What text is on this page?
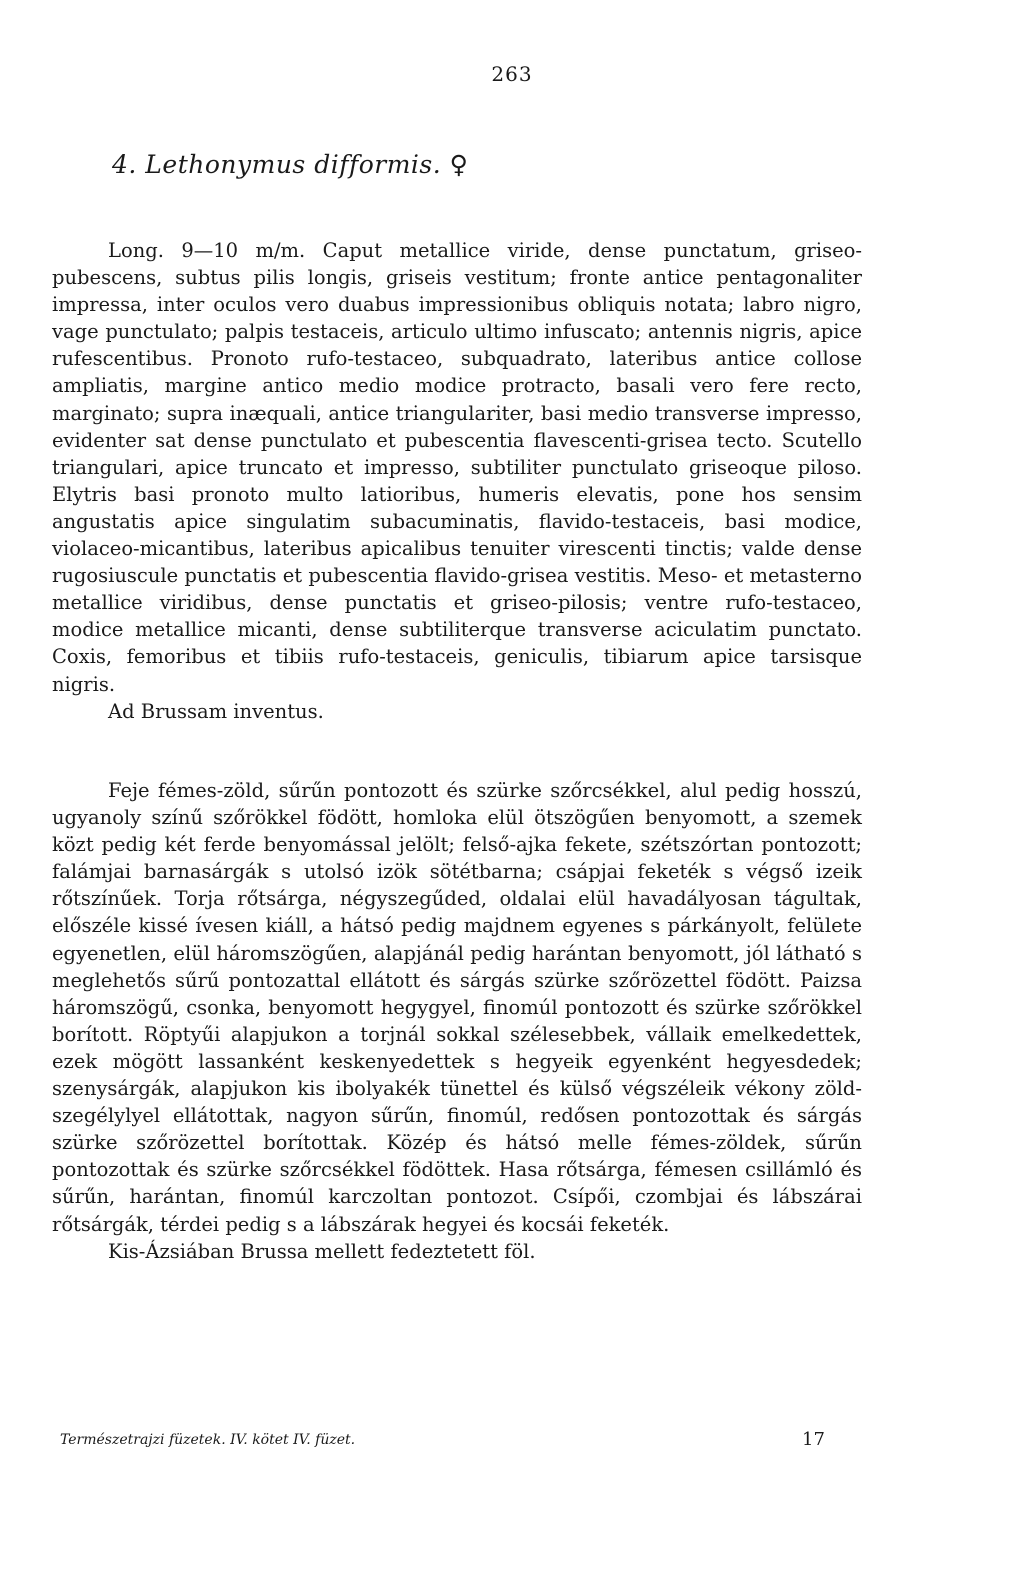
263
4. Lethonymus difformis. ♀

Long. 9—10 m/m. Caput metallice viride, dense punctatum, griseopubescens, subtus pilis longis, griseis vestitum; fronte antice pentagonaliter impressa, inter oculos vero duabus impressionibus obliquis notata; labro nigro, vage punctulato; palpis testaceis, articulo ultimo infuscato; antennis nigris, apice rufescentibus. Pronoto rufo-testaceo, subquadrato, lateribus antice collose ampliatis, margine antico medio modice protracto, basali vero fere recto, marginato; supra inæquali, antice triangulariter, basi medio transverse impresso, evidenter sat dense punctulato et pubescentia flavescenti-grisea tecto. Scutello triangulari, apice truncato et impresso, subtiliter punctulato griseoque piloso. Elytris basi pronoto multo latioribus, humeris elevatis, pone hos sensim angustatis apice singulatim subacuminatis, flavido-testaceis, basi modice, violaceo-micantibus, lateribus apicalibus tenuiter virescenti tinctis; valde dense rugosiuscule punctatis et pubescentia flavido-grisea vestitis. Meso- et metasterno metallice viridibus, dense punctatis et griseo-pilosis; ventre rufo-testaceo, modice metallice micanti, dense subtiliterque transverse aciculatim punctato. Coxis, femoribus et tibiis rufo-testaceis, geniculis, tibiarum apice tarsisque nigris.

Ad Brussam inventus.

Feje fémes-zöld, sűrűn pontozott és szürke szőrcsékkel, alul pedig hosszú, ugyanoly színű szőrökkel födött, homloka elül ötszögűen benyomott, a szemek közt pedig két ferde benyomással jelölt; felső-ajka fekete, szétszórtan pontozott; falámjai barnasárgák s utolsó izök sötétbarna; csápjai feketék s végső izeik rőtszínűek. Torja rőtsárga, négyszegűded, oldalai elül havadályosan tágultak, előszéle kissé ívesen kiáll, a hátsó pedig majdnem egyenes s párkányolt, felülete egyenetlen, elül háromszögűen, alapjánál pedig harántan benyomott, jól látható s meglehetős sűrű pontozattal ellátott és sárgás szürke szőrözettel födött. Paizsa háromszögű, csonka, benyomott hegygyel, finomúl pontozott és szürke szőrökkel borított. Röptyűi alapjukon a torjnál sokkal szélesebbek, vállaik emelkedettek, ezek mögött lassanként keskenyedettek s hegyeik egyenként hegyesdedek; szenysárgák, alapjukon kis ibolyakék tünettel és külső végszéleik vékony zöldszegélylyel ellátottak, nagyon sűrűn, finomúl, redősen pontozottak és sárgás szürke szőrözettel borítottak. Közép és hátsó melle fémes-zöldek, sűrűn pontozottak és szürke szőrcsékkel födöttek. Hasa rőtsárga, fémesen csillámló és sűrűn, harántan, finomúl karczoltan pontozot. Csípői, czombjai és lábszárai rőtsárgák, térdei pedig s a lábszárak hegyei és kocsái feketék.

Kis-Ázsiában Brussa mellett fedeztetett föl.

Természetrajzi füzetek. IV. kötet IV. füzet.	17
